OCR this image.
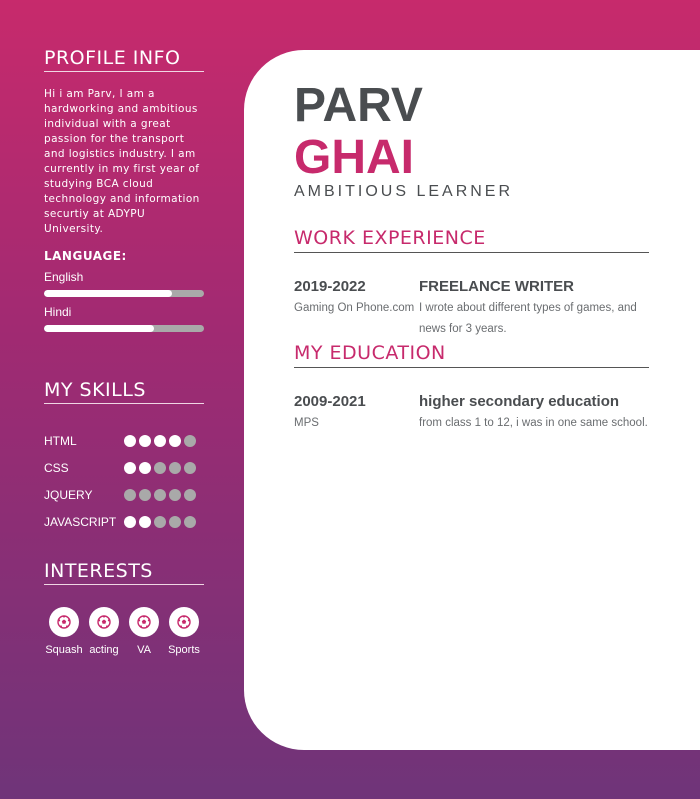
PROFILE INFO
Hi i am Parv, I am a hardworking and ambitious individual with a great passion for the transport and logistics industry. I am currently in my first year of studying BCA cloud technology and information securtiy at ADYPU University.
LANGUAGE:
English
Hindi
MY SKILLS
HTML
CSS
JQUERY
JAVASCRIPT
INTERESTS
Squash acting VA Sports
PARV
GHAI
AMBITIOUS LEARNER
WORK EXPERIENCE
2019-2022
Gaming On Phone.com
FREELANCE WRITER
I wrote about different types of games, and news for 3 years.
MY EDUCATION
2009-2021
MPS
higher secondary education
from class 1 to 12, i was in one same school.
